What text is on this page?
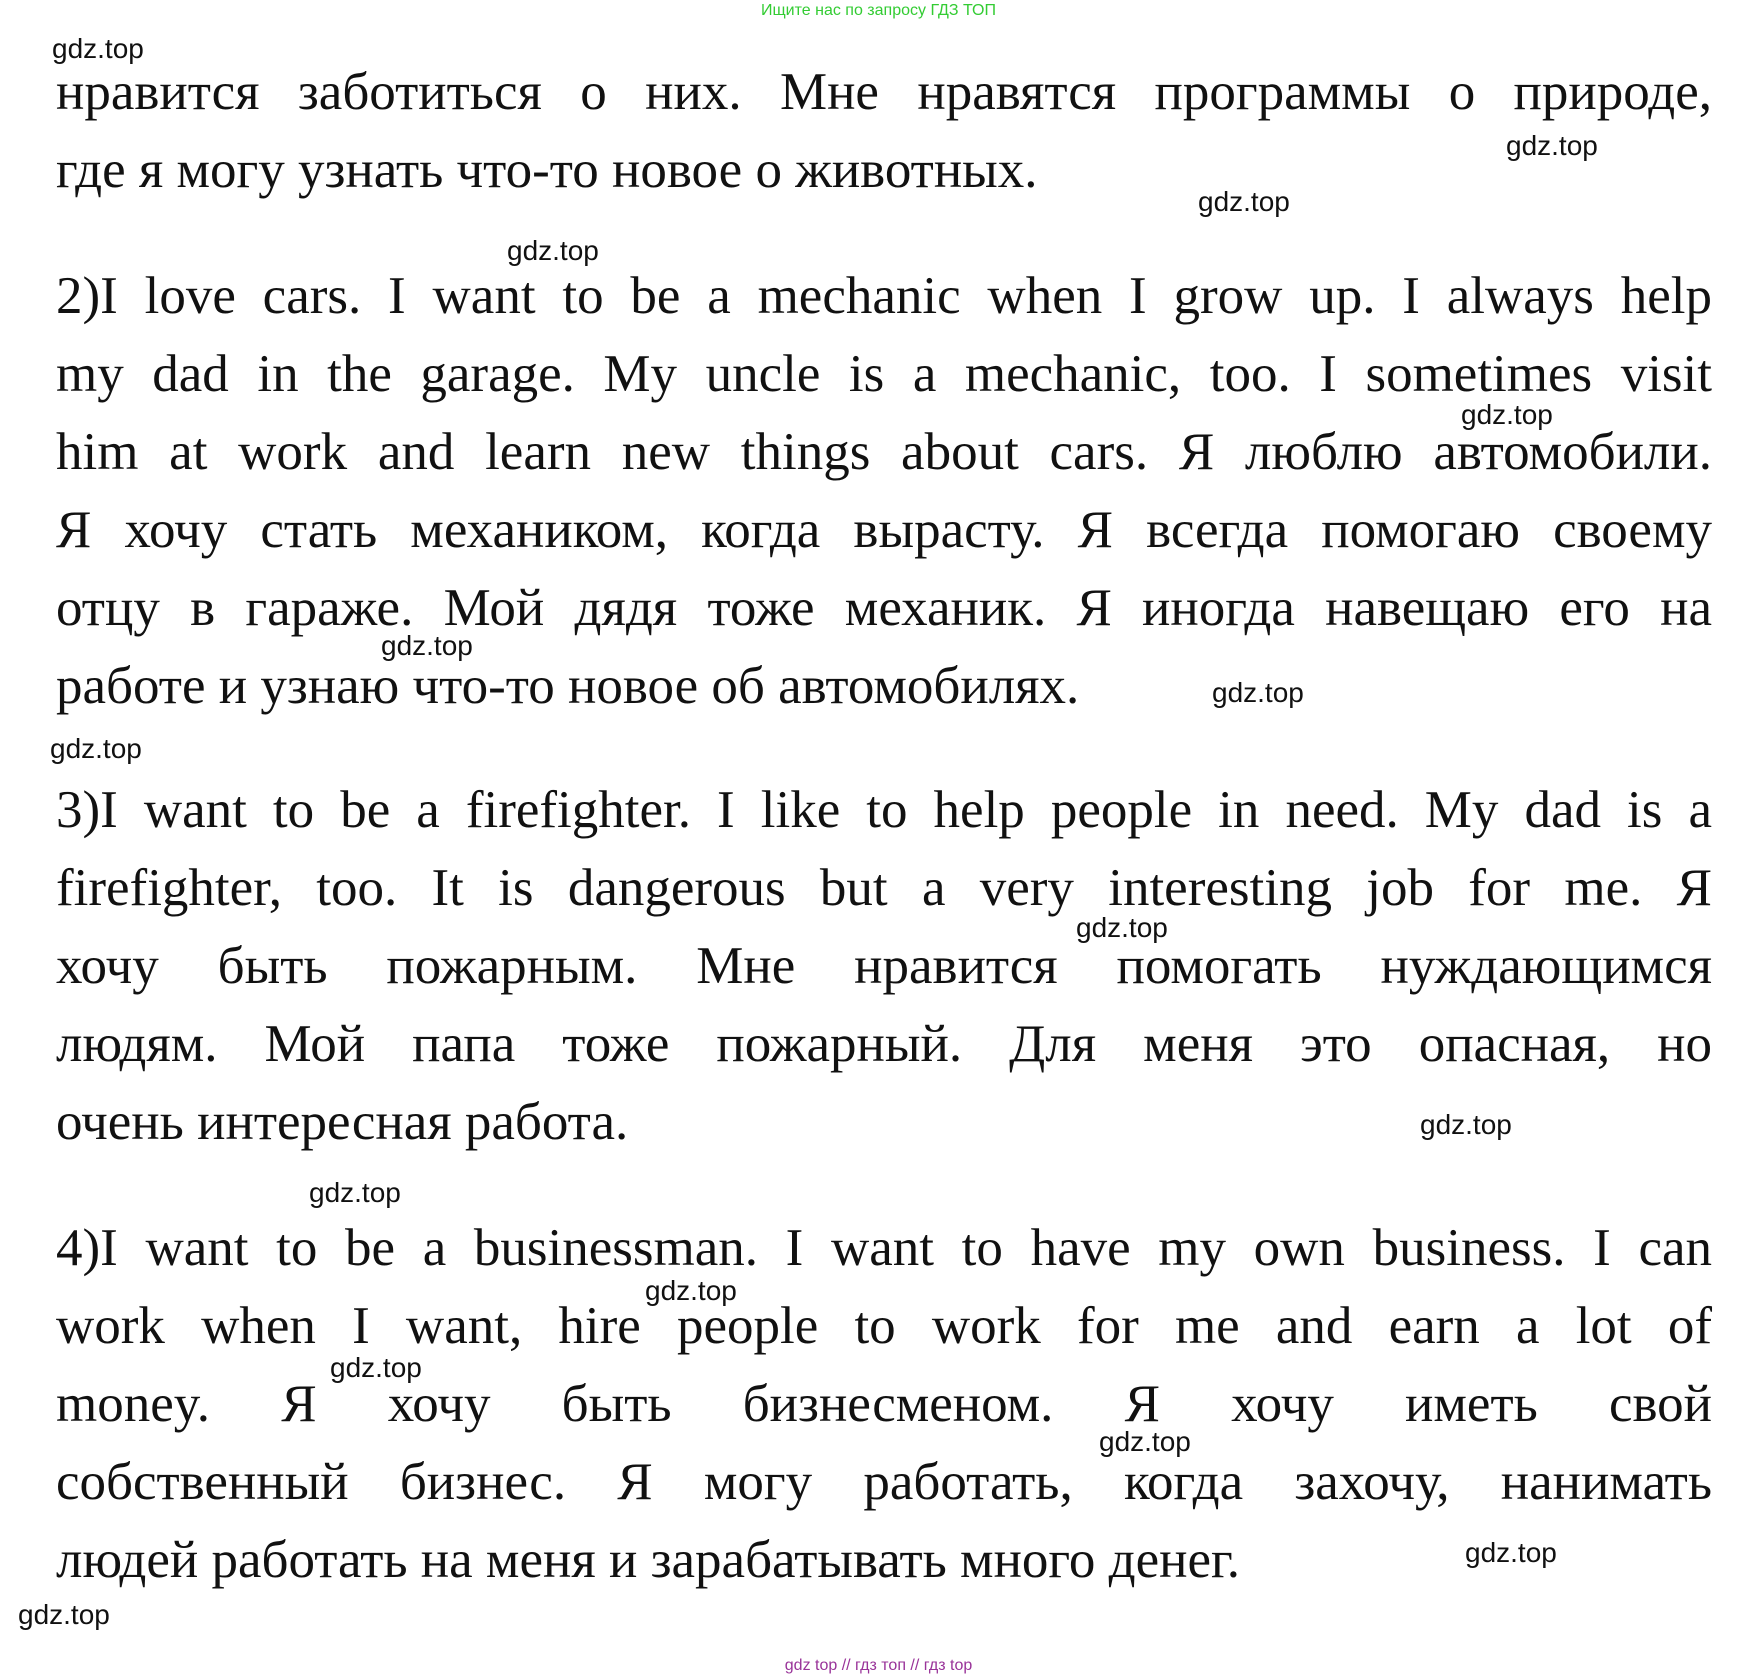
Ищите нас по запросу ГДЗ ТОП
нравится заботиться о них. Мне нравятся программы о природе,
где я могу узнать что-то новое о животных.
2)I love cars. I want to be a mechanic when I grow up. I always help
my dad in the garage. My uncle is a mechanic, too. I sometimes visit
him at work and learn new things about cars. Я люблю автомобили.
Я хочу стать механиком, когда вырасту. Я всегда помогаю своему
отцу в гараже. Мой дядя тоже механик. Я иногда навещаю его на
работе и узнаю что-то новое об автомобилях.
3)I want to be a firefighter. I like to help people in need. My dad is a
firefighter, too. It is dangerous but a very interesting job for me. Я
хочу быть пожарным. Мне нравится помогать нуждающимся
людям. Мой папа тоже пожарный. Для меня это опасная, но
очень интересная работа.
4)I want to be a businessman. I want to have my own business. I can
work when I want, hire people to work for me and earn a lot of
money. Я хочу быть бизнесменом. Я хочу иметь свой
собственный бизнес. Я могу работать, когда захочу, нанимать
людей работать на меня и зарабатывать много денег.
gdz.top
gdz.top
gdz.top
gdz.top
gdz.top
gdz.top
gdz.top
gdz.top
gdz.top
gdz.top
gdz.top
gdz.top
gdz.top
gdz.top
gdz.top
gdz.top
gdz top // гдз топ // гдз top
